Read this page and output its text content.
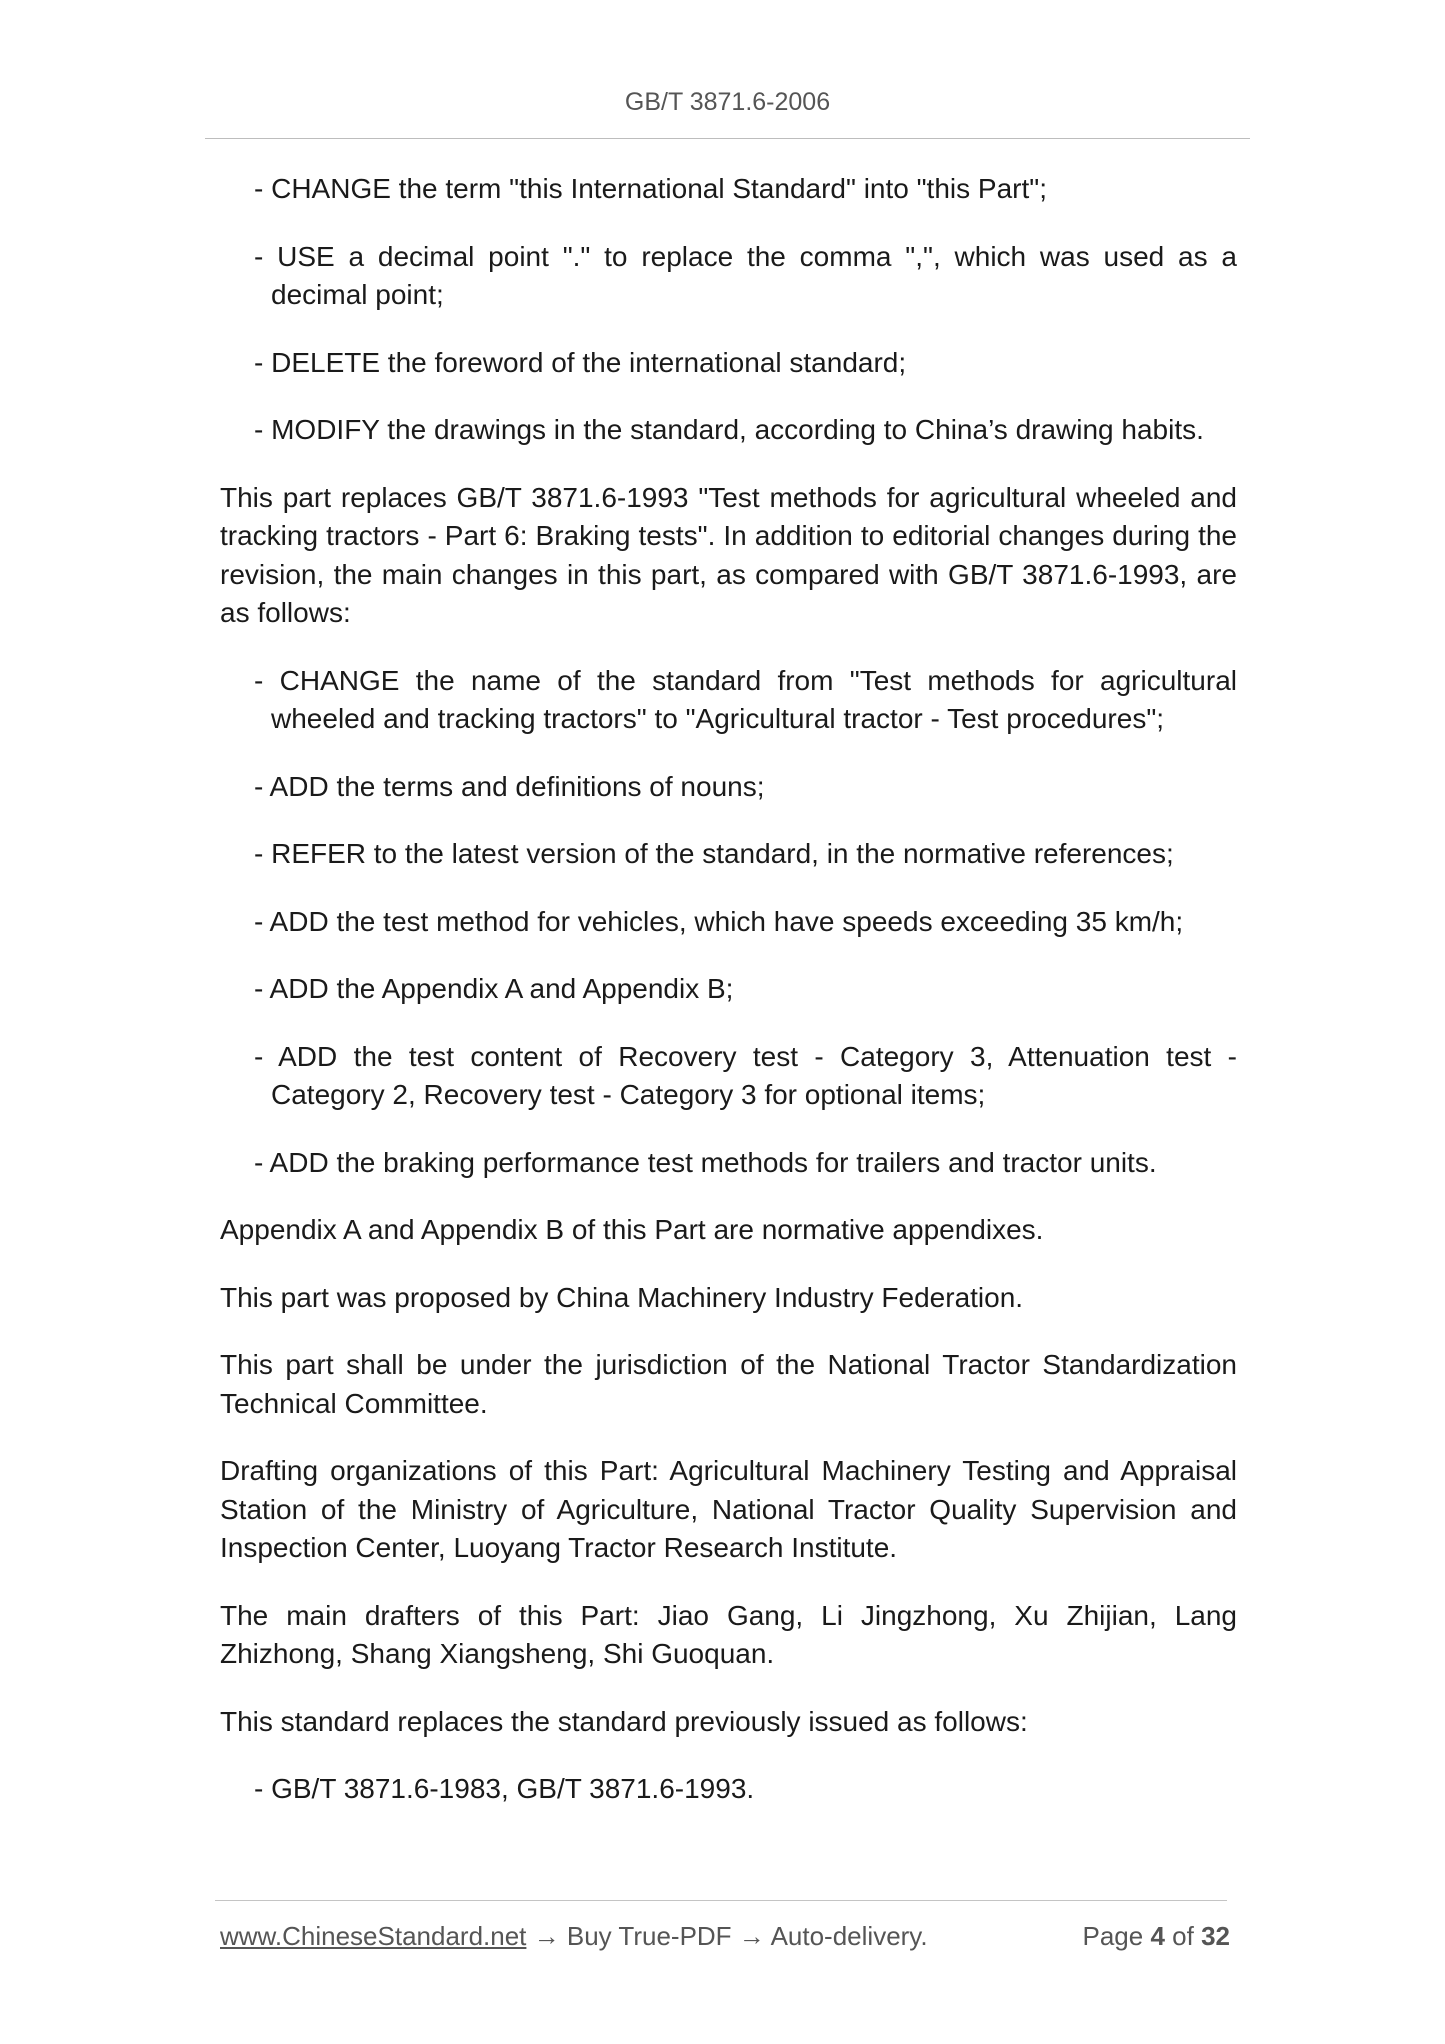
GB/T 3871.6-2006

- CHANGE the term "this International Standard" into "this Part";

- USE a decimal point "." to replace the comma ",", which was used as a decimal point;

- DELETE the foreword of the international standard;

- MODIFY the drawings in the standard, according to China’s drawing habits.

This part replaces GB/T 3871.6-1993 "Test methods for agricultural wheeled and tracking tractors - Part 6: Braking tests". In addition to editorial changes during the revision, the main changes in this part, as compared with GB/T 3871.6-1993, are as follows:

- CHANGE the name of the standard from "Test methods for agricultural wheeled and tracking tractors" to "Agricultural tractor - Test procedures";

- ADD the terms and definitions of nouns;

- REFER to the latest version of the standard, in the normative references;

- ADD the test method for vehicles, which have speeds exceeding 35 km/h;

- ADD the Appendix A and Appendix B;

- ADD the test content of Recovery test - Category 3, Attenuation test - Category 2, Recovery test - Category 3 for optional items;

- ADD the braking performance test methods for trailers and tractor units.

Appendix A and Appendix B of this Part are normative appendixes.

This part was proposed by China Machinery Industry Federation.

This part shall be under the jurisdiction of the National Tractor Standardization Technical Committee.

Drafting organizations of this Part: Agricultural Machinery Testing and Appraisal Station of the Ministry of Agriculture, National Tractor Quality Supervision and Inspection Center, Luoyang Tractor Research Institute.

The main drafters of this Part: Jiao Gang, Li Jingzhong, Xu Zhijian, Lang Zhizhong, Shang Xiangsheng, Shi Guoquan.

This standard replaces the standard previously issued as follows:

- GB/T 3871.6-1983, GB/T 3871.6-1993.

www.ChineseStandard.net → Buy True-PDF → Auto-delivery.	Page 4 of 32
